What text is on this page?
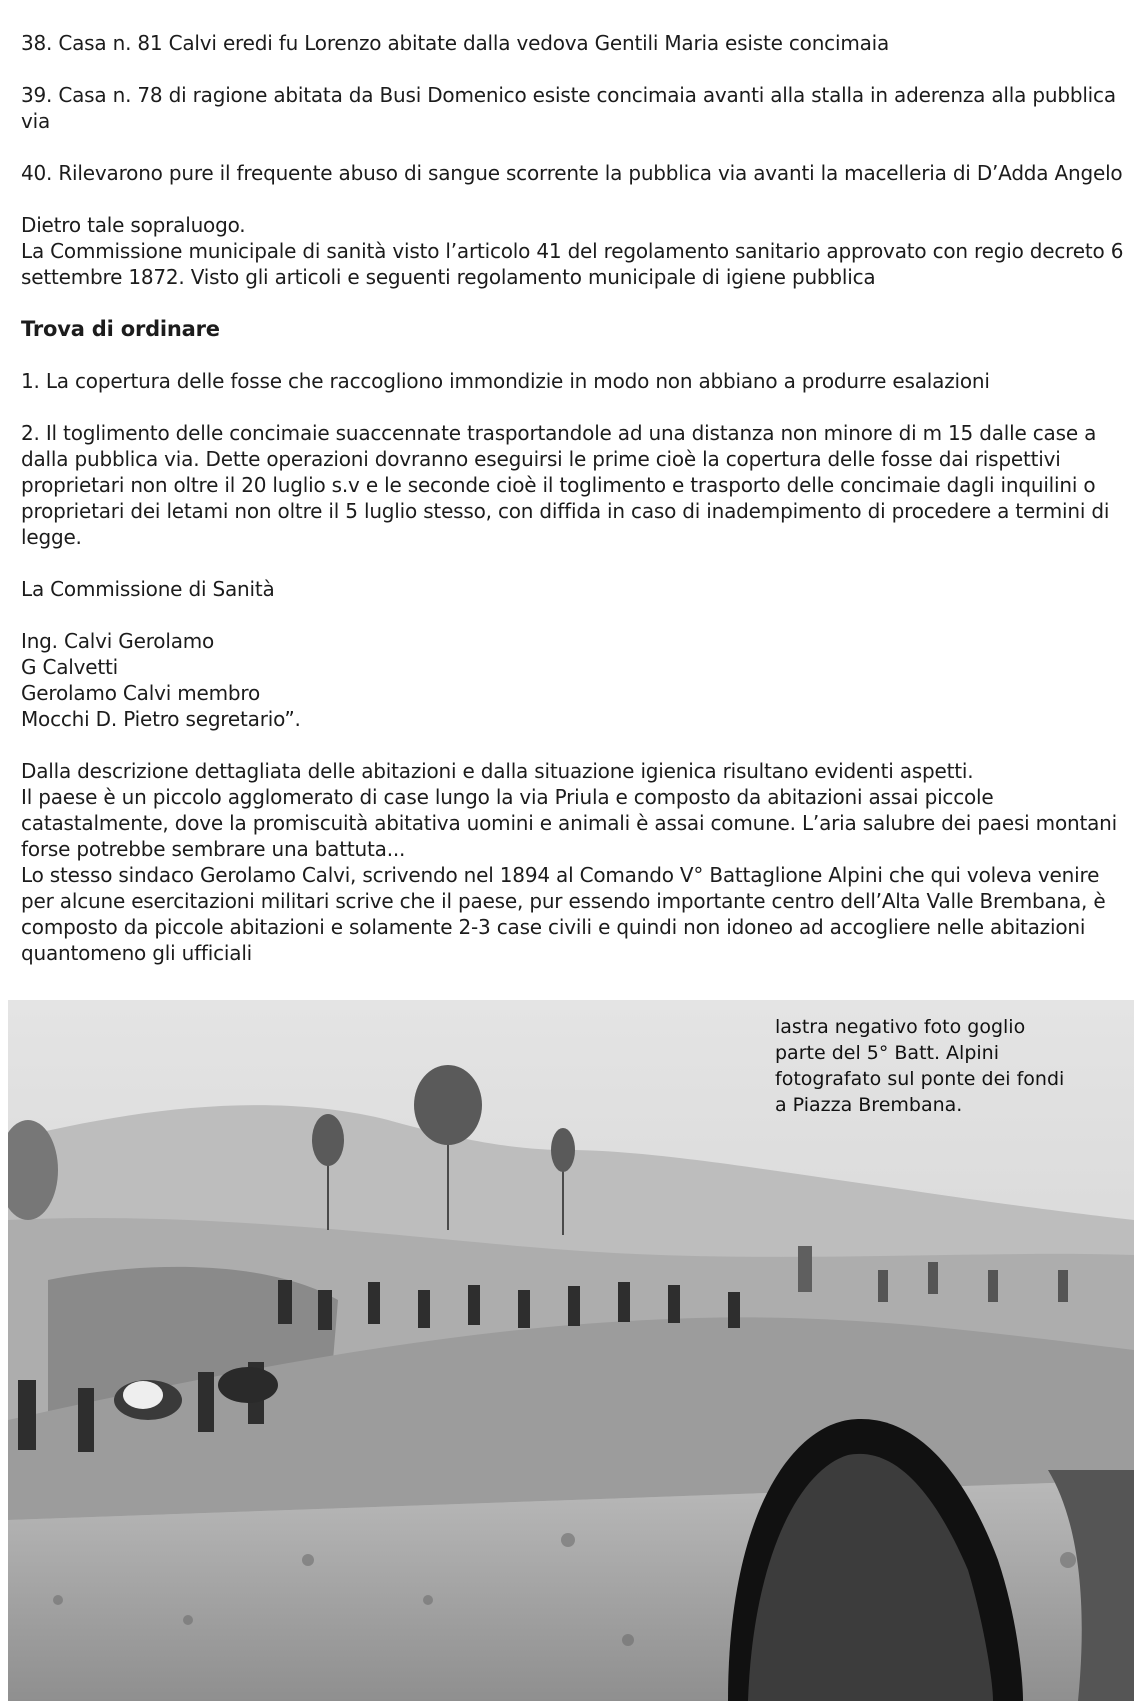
38. Casa n. 81 Calvi eredi fu Lorenzo abitate dalla vedova Gentili Maria esiste concimaia

39. Casa n. 78 di ragione abitata da Busi Domenico esiste concimaia avanti alla stalla in aderenza alla pubblica via

40. Rilevarono pure il frequente abuso di sangue scorrente la pubblica via avanti la macelleria di D’Adda Angelo

Dietro tale sopraluogo.

La Commissione municipale di sanità visto l’articolo 41 del regolamento sanitario approvato con regio decreto 6 settembre 1872. Visto gli articoli e seguenti regolamento municipale di igiene pubblica

Trova di ordinare

1. La copertura delle fosse che raccogliono immondizie in modo non abbiano a produrre esalazioni

2. Il toglimento delle concimaie suaccennate trasportandole ad una distanza non minore di m 15 dalle case a dalla pubblica via. Dette operazioni dovranno eseguirsi le prime cioè la copertura delle fosse dai rispettivi proprietari non oltre il 20 luglio s.v e le seconde cioè il toglimento e trasporto delle concimaie dagli inquilini o proprietari dei letami non oltre il 5 luglio stesso, con diffida in caso di inadempimento di procedere a termini di legge.

La Commissione di Sanità

Ing. Calvi Gerolamo
G Calvetti
Gerolamo Calvi membro
Mocchi D. Pietro segretario”.

Dalla descrizione dettagliata delle abitazioni e dalla situazione igienica risultano evidenti aspetti.

Il paese è un piccolo agglomerato di case lungo la via Priula e composto da abitazioni assai piccole catastalmente, dove la promiscuità abitativa uomini e animali è assai comune. L’aria salubre dei paesi montani forse potrebbe sembrare una battuta...

Lo stesso sindaco Gerolamo Calvi, scrivendo nel 1894 al Comando V° Battaglione Alpini che qui voleva venire per alcune esercitazioni militari scrive che il paese, pur essendo importante centro dell’Alta Valle Brembana, è composto da piccole abitazioni e solamente 2-3 case civili e quindi non idoneo ad accogliere nelle abitazioni quantomeno gli ufficiali

lastra negativo foto goglio
parte del 5° Batt. Alpini
fotografato sul ponte dei fondi
a Piazza Brembana.
